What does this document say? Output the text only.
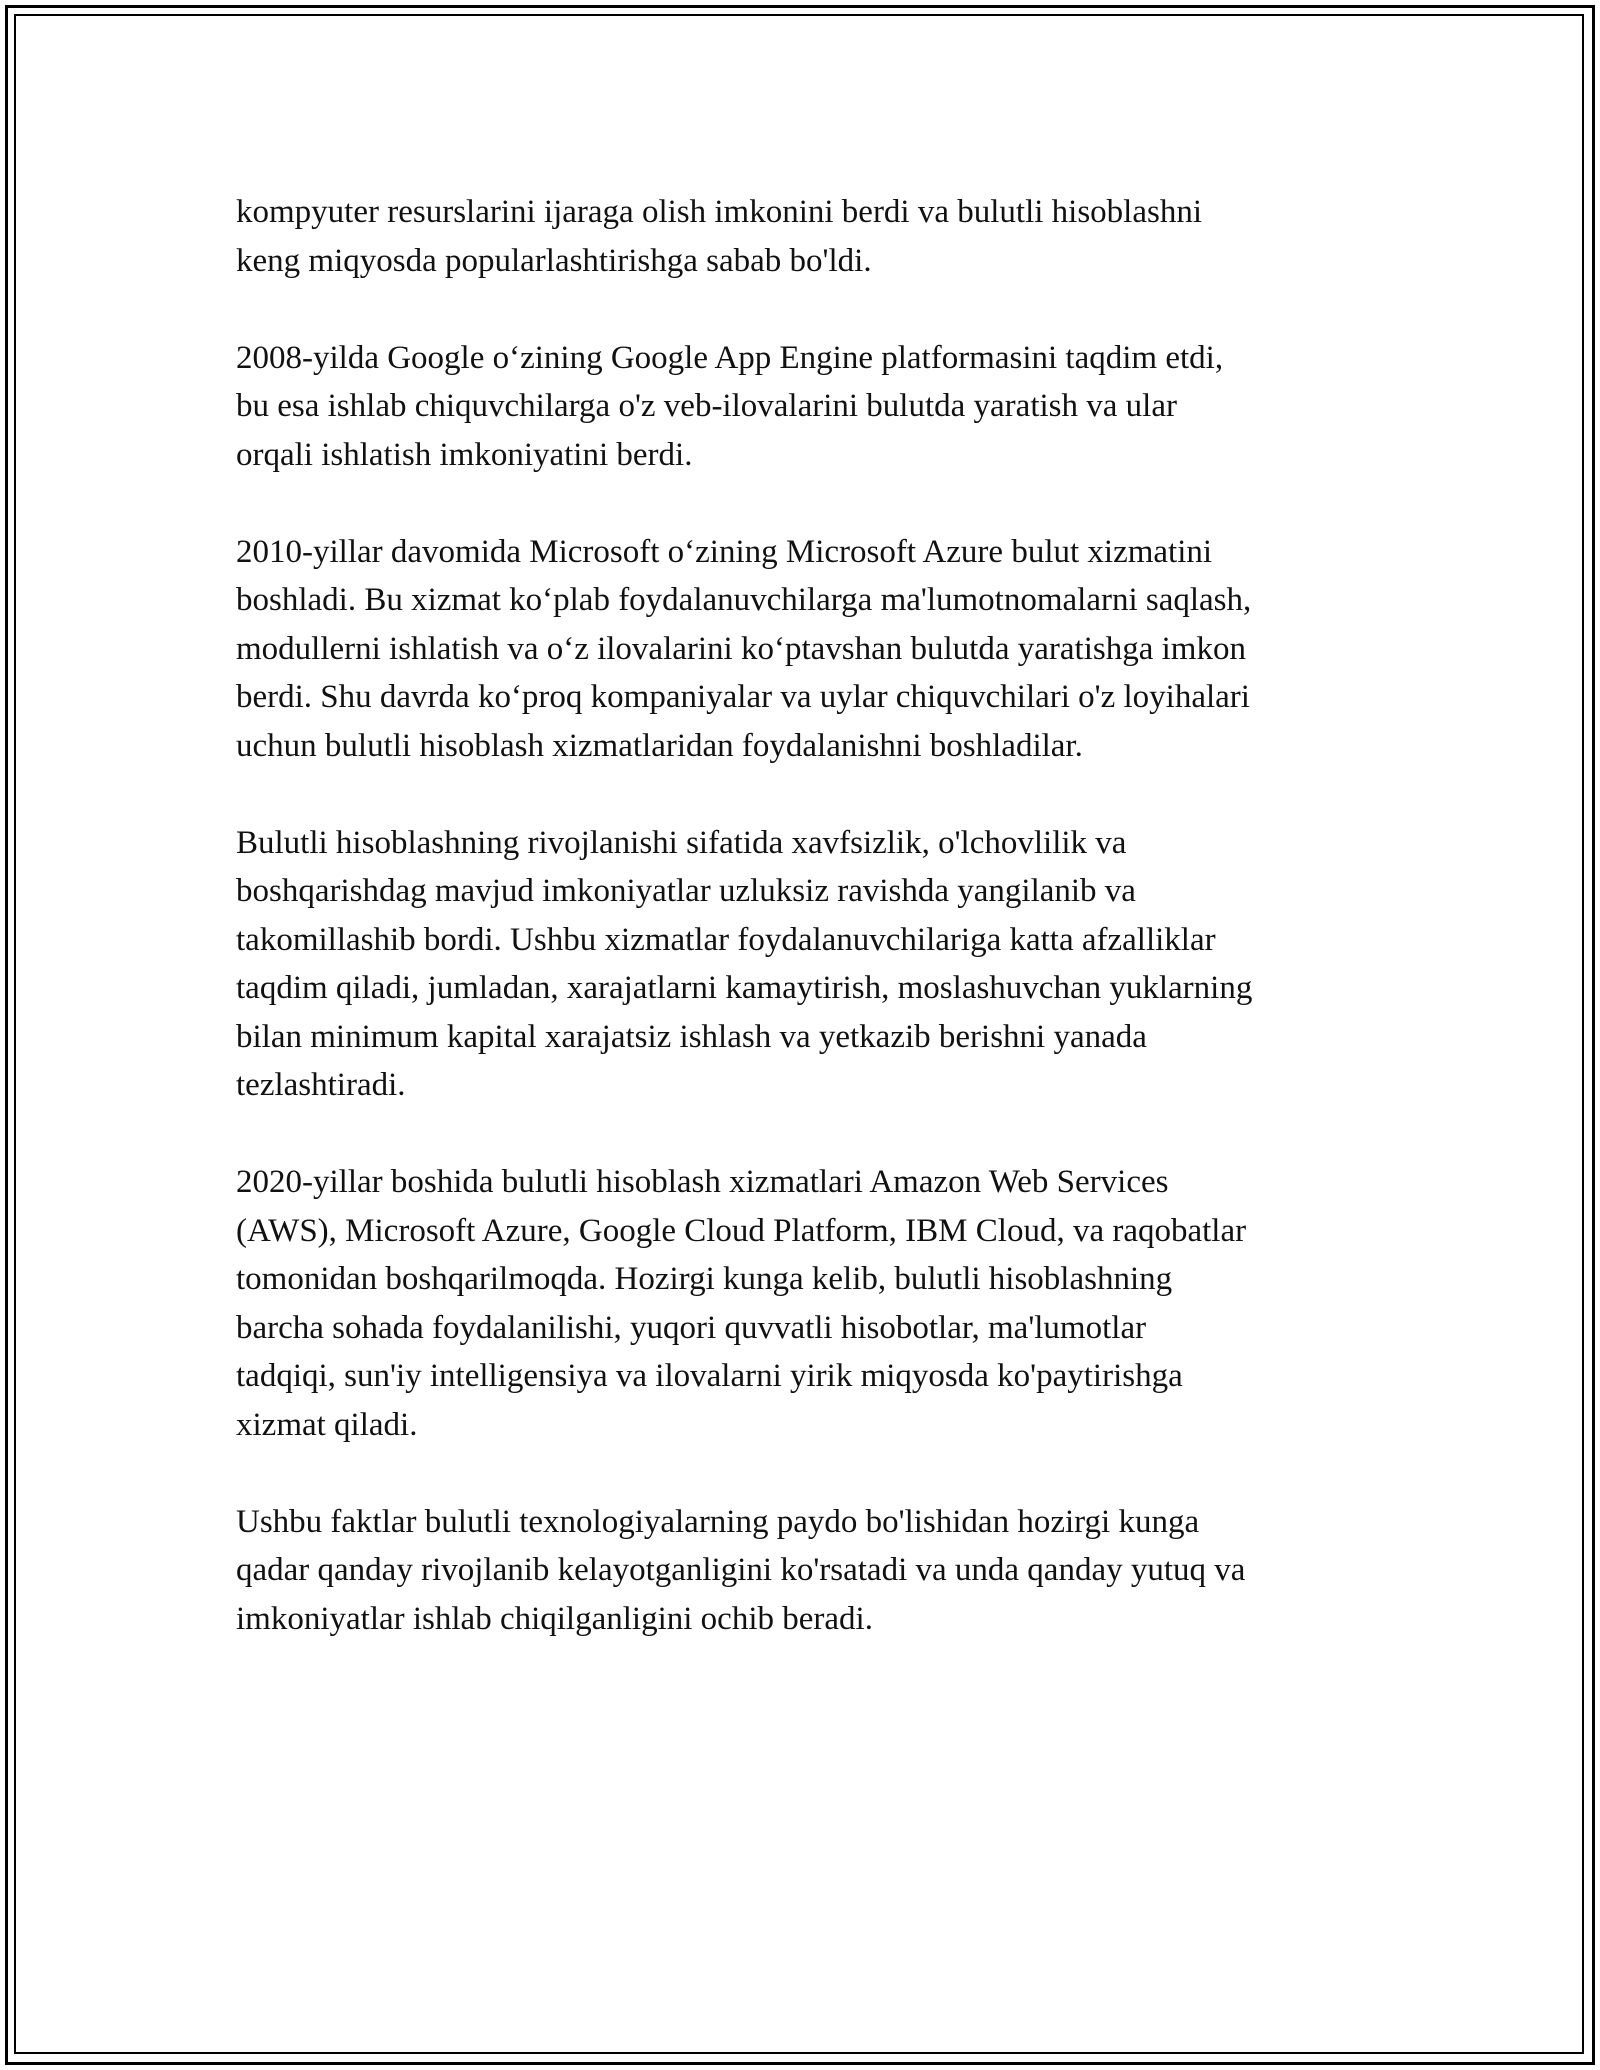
kompyuter resurslarini ijaraga olish imkonini berdi va bulutli hisoblashni
keng miqyosda popularlashtirishga sabab bo'ldi.

2008-yilda Google o‘zining Google App Engine platformasini taqdim etdi,
bu esa ishlab chiquvchilarga o'z veb-ilovalarini bulutda yaratish va ular
orqali ishlatish imkoniyatini berdi.

2010-yillar davomida Microsoft o‘zining Microsoft Azure bulut xizmatini
boshladi. Bu xizmat ko‘plab foydalanuvchilarga ma'lumotnomalarni saqlash,
modullerni ishlatish va o‘z ilovalarini ko‘ptavshan bulutda yaratishga imkon
berdi. Shu davrda ko‘proq kompaniyalar va uylar chiquvchilari o'z loyihalari
uchun bulutli hisoblash xizmatlaridan foydalanishni boshladilar.

Bulutli hisoblashning rivojlanishi sifatida xavfsizlik, o'lchovlilik va
boshqarishdag mavjud imkoniyatlar uzluksiz ravishda yangilanib va
takomillashib bordi. Ushbu xizmatlar foydalanuvchilariga katta afzalliklar
taqdim qiladi, jumladan, xarajatlarni kamaytirish, moslashuvchan yuklarning
bilan minimum kapital xarajatsiz ishlash va yetkazib berishni yanada
tezlashtiradi.

2020-yillar boshida bulutli hisoblash xizmatlari Amazon Web Services
(AWS), Microsoft Azure, Google Cloud Platform, IBM Cloud, va raqobatlar
tomonidan boshqarilmoqda. Hozirgi kunga kelib, bulutli hisoblashning
barcha sohada foydalanilishi, yuqori quvvatli hisobotlar, ma'lumotlar
tadqiqi, sun'iy intelligensiya va ilovalarni yirik miqyosda ko'paytirishga
xizmat qiladi.

Ushbu faktlar bulutli texnologiyalarning paydo bo'lishidan hozirgi kunga
qadar qanday rivojlanib kelayotganligini ko'rsatadi va unda qanday yutuq va
imkoniyatlar ishlab chiqilganligini ochib beradi.
